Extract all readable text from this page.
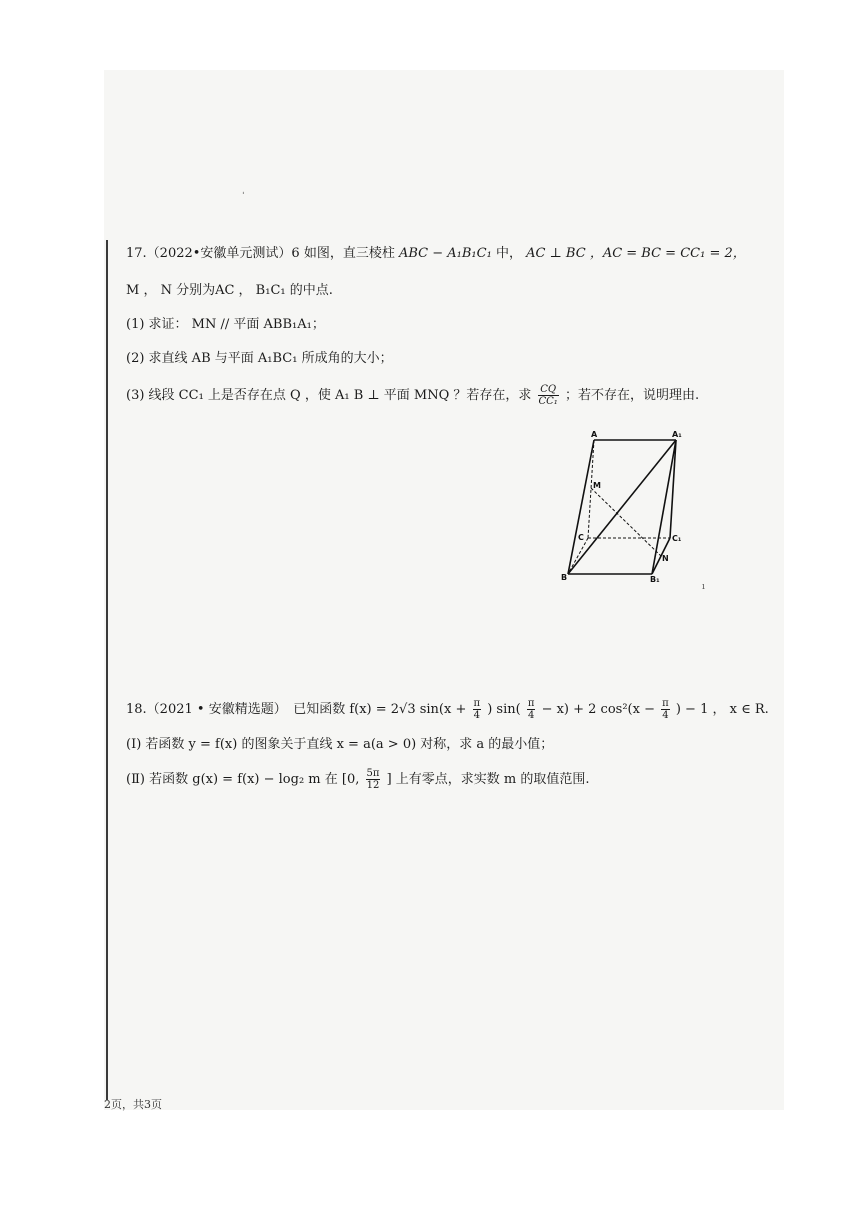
ˌ
ı
17.（2022•安徽单元测试）6 如图，直三棱柱 ABC − A₁B₁C₁ 中， AC ⊥ BC ，AC = BC = CC₁ = 2，
M ， N 分别为AC ， B₁C₁ 的中点.
(1) 求证： MN // 平面 ABB₁A₁；
(2) 求直线 AB 与平面 A₁BC₁ 所成角的大小；
(3) 线段 CC₁ 上是否存在点 Q ，使 A₁ B ⊥ 平面 MNQ ？若存在，求 $\frac{CQ}{\text{CC₁}}$ ；若不存在，说明理由.
A	A₁
M
C	C₁
N
B	B₁
18.（2021 • 安徽精选题）　已知函数 f(x) = 2√3 $\sin(x + \frac{\pi}{4}$ ) $\sin( \frac{\pi}{4} - x) + 2$ $\cos^2(x - \frac{\pi}{4}$ ) − 1 ， x ∈ R.
(Ⅰ) 若函数 y = f(x) 的图象关于直线 x = a(a > 0) 对称，求 a 的最小值；
(Ⅱ) 若函数 g(x) = f(x) − log₂ m 在 [0, $\frac{5\pi}{12}$ ] 上有零点，求实数 m 的取值范围.
2页，共3页
